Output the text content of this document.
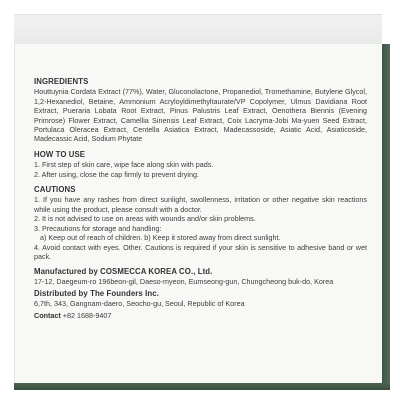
INGREDIENTS

Houttuynia Cordata Extract (77%), Water, Gluconolactone, Propanediol, Tromethamine, Butylene Glycol, 1,2-Hexanediol, Betaine, Ammonium Acryloyldimethyltaurate/VP Copolymer, Ulmus Davidiana Root Extract, Pueraria Lobata Root Extract, Pinus Palustris Leaf Extract, Oenothera Biennis (Evening Primrose) Flower Extract, Camellia Sinensis Leaf Extract, Coix Lacryma-Jobi Ma-yuen Seed Extract, Portulaca Oleracea Extract, Centella Asiatica Extract, Madecassoside, Asiatic Acid, Asiaticoside, Madecassic Acid, Sodium Phytate

HOW TO USE
1. First step of skin care, wipe face along skin with pads.
2. After using, close the cap firmly to prevent drying.
CAUTIONS
1. If you have any rashes from direct sunlight, swollenness, irritation or other negative skin reactions while using the product, please consult with a doctor.
2. It is not advised to use on areas with wounds and/or skin problems.
3. Precautions for storage and handling:
a) Keep out of reach of children. b) Keep it stored away from direct sunlight.
4. Avoid contact with eyes. Other. Cautions is required if your skin is sensitive to adhesive band or wet pack.
Manufactured by COSMECCA KOREA CO., Ltd.

17-12, Daegeum-ro 196beon-gil, Daeso-myeon, Eumseong-gun, Chungcheong buk-do, Korea

Distributed by The Founders Inc.

6,7th, 343, Gangnam-daero, Seocho-gu, Seoul, Republic of Korea

Contact +82 1688-9407
